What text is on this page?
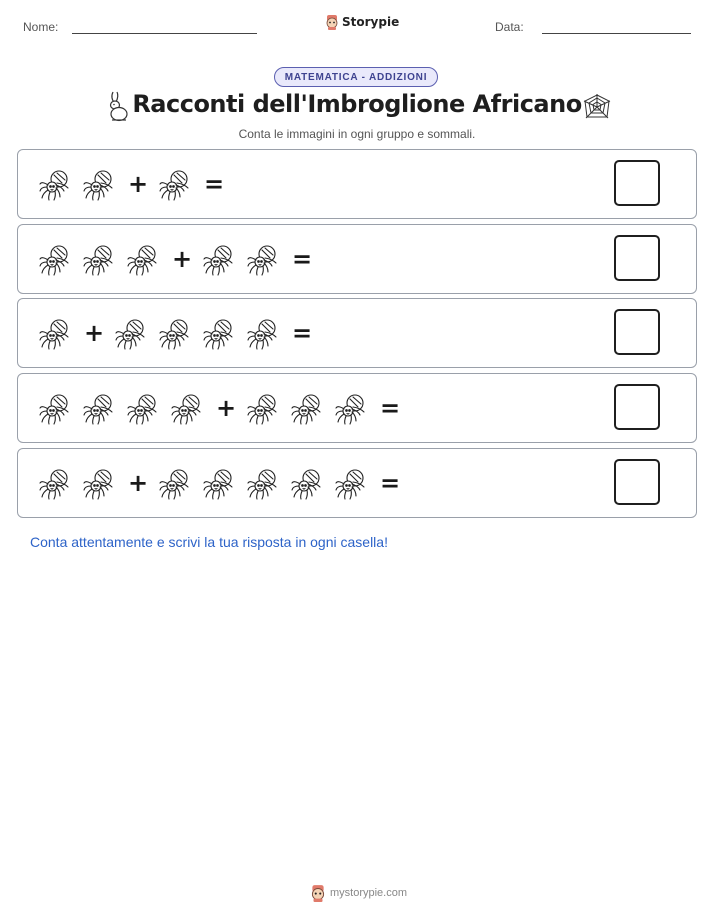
Nome:	Storypie	Data:
MATEMATICA - ADDIZIONI
Racconti dell'Imbroglione Africano
Conta le immagini in ogni gruppo e sommali.
+	=
+	=
+	=
+	=
+	=
Conta attentamente e scrivi la tua risposta in ogni casella!
mystorypie.com
